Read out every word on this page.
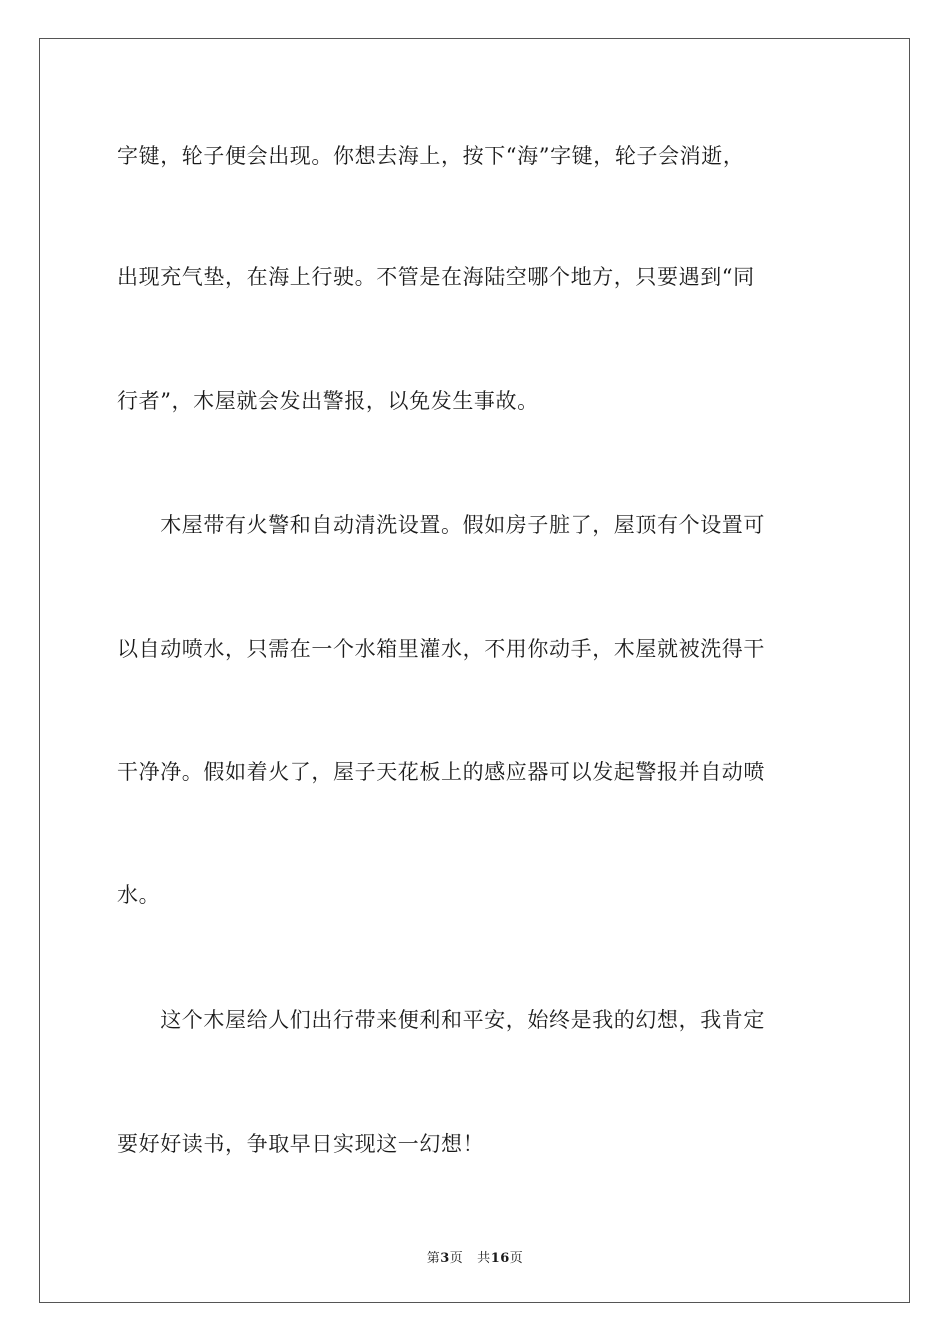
字键，轮子便会出现。你想去海上，按下“海”字键，轮子会消逝，
出现充气垫，在海上行驶。不管是在海陆空哪个地方，只要遇到“同
行者”，木屋就会发出警报，以免发生事故。
　　木屋带有火警和自动清洗设置。假如房子脏了，屋顶有个设置可
以自动喷水，只需在一个水箱里灌水，不用你动手，木屋就被洗得干
干净净。假如着火了，屋子天花板上的感应器可以发起警报并自动喷
水。
　　这个木屋给人们出行带来便利和平安，始终是我的幻想，我肯定
要好好读书，争取早日实现这一幻想！
第3页 共16页
